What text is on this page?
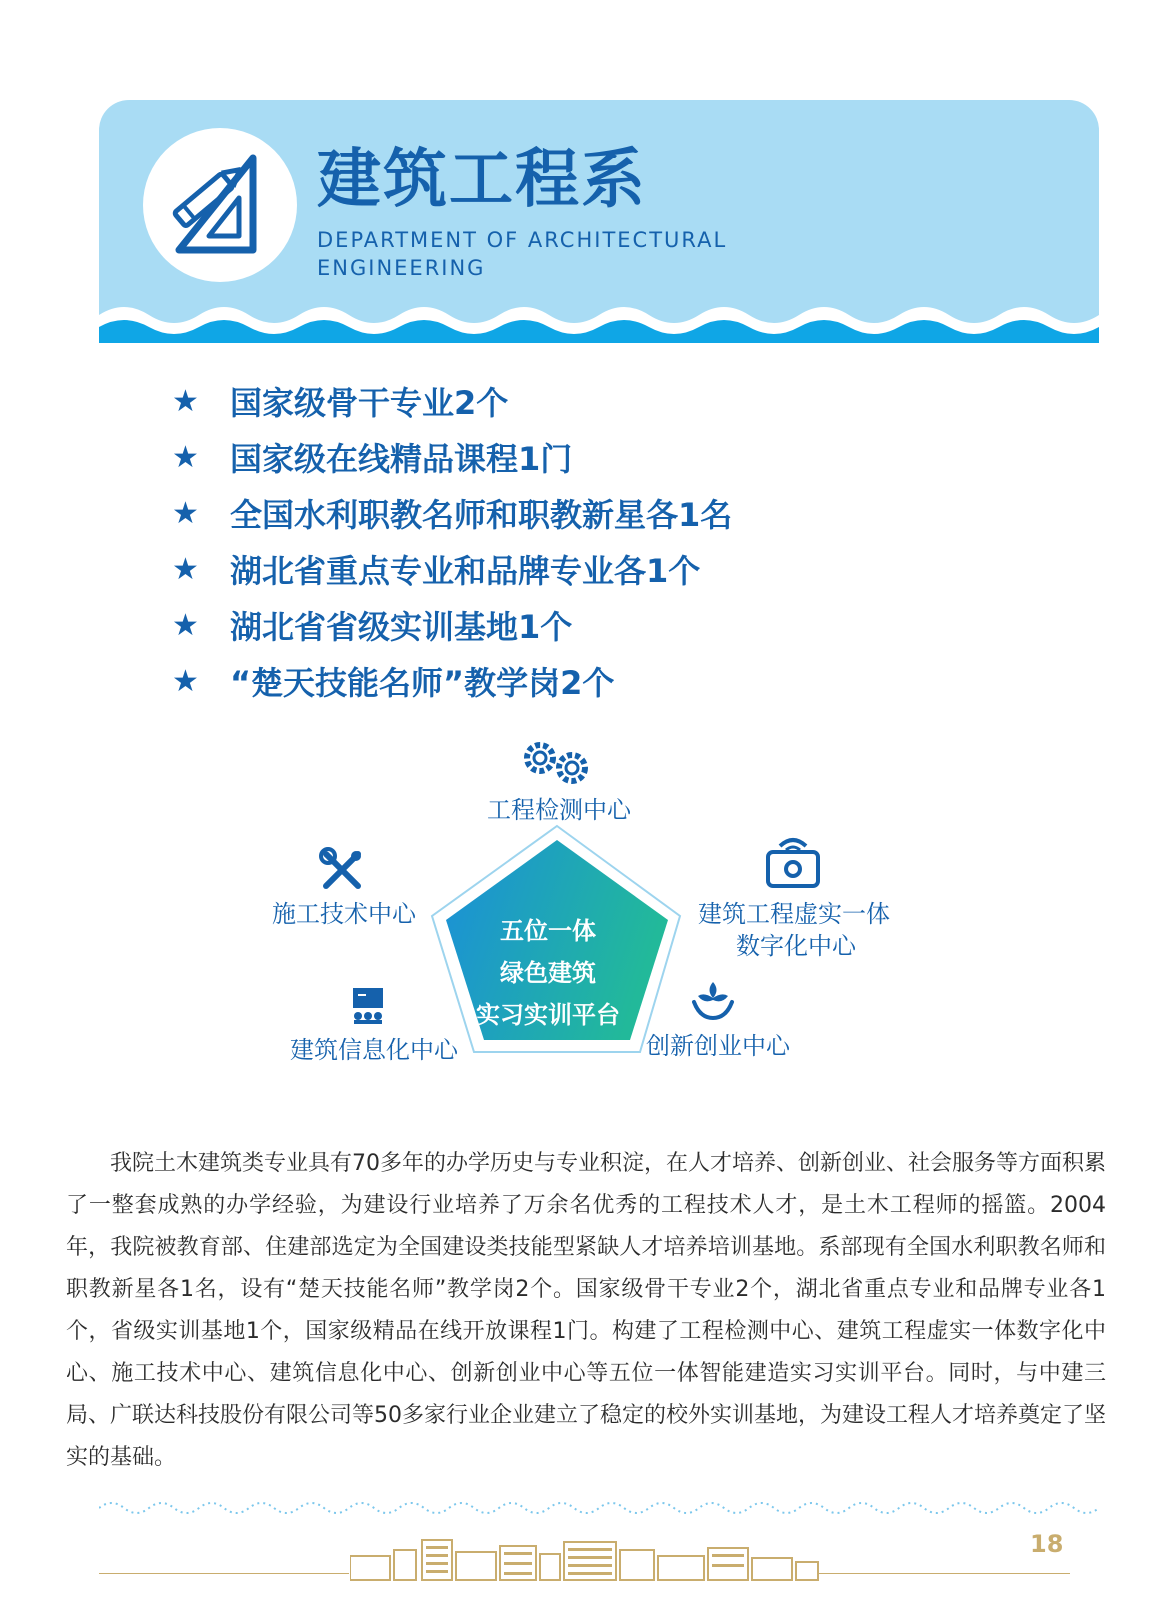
建筑工程系
DEPARTMENT OF ARCHITECTURAL ENGINEERING
★ 国家级骨干专业2个
★ 国家级在线精品课程1门
★ 全国水利职教名师和职教新星各1名
★ 湖北省重点专业和品牌专业各1个
★ 湖北省省级实训基地1个
★ “楚天技能名师”教学岗2个
五位一体
绿色建筑
实习实训平台
工程检测中心
施工技术中心	建筑工程虚实一体
数字化中心
建筑信息化中心	创新创业中心

我院土木建筑类专业具有70多年的办学历史与专业积淀，在人才培养、创新创业、社会服务等方面积累了一整套成熟的办学经验，为建设行业培养了万余名优秀的工程技术人才，是土木工程师的摇篮。2004年，我院被教育部、住建部选定为全国建设类技能型紧缺人才培养培训基地。系部现有全国水利职教名师和职教新星各1名，设有“楚天技能名师”教学岗2个。国家级骨干专业2个，湖北省重点专业和品牌专业各1个，省级实训基地1个，国家级精品在线开放课程1门。构建了工程检测中心、建筑工程虚实一体数字化中心、施工技术中心、建筑信息化中心、创新创业中心等五位一体智能建造实习实训平台。同时，与中建三局、广联达科技股份有限公司等50多家行业企业建立了稳定的校外实训基地，为建设工程人才培养奠定了坚实的基础。

18
